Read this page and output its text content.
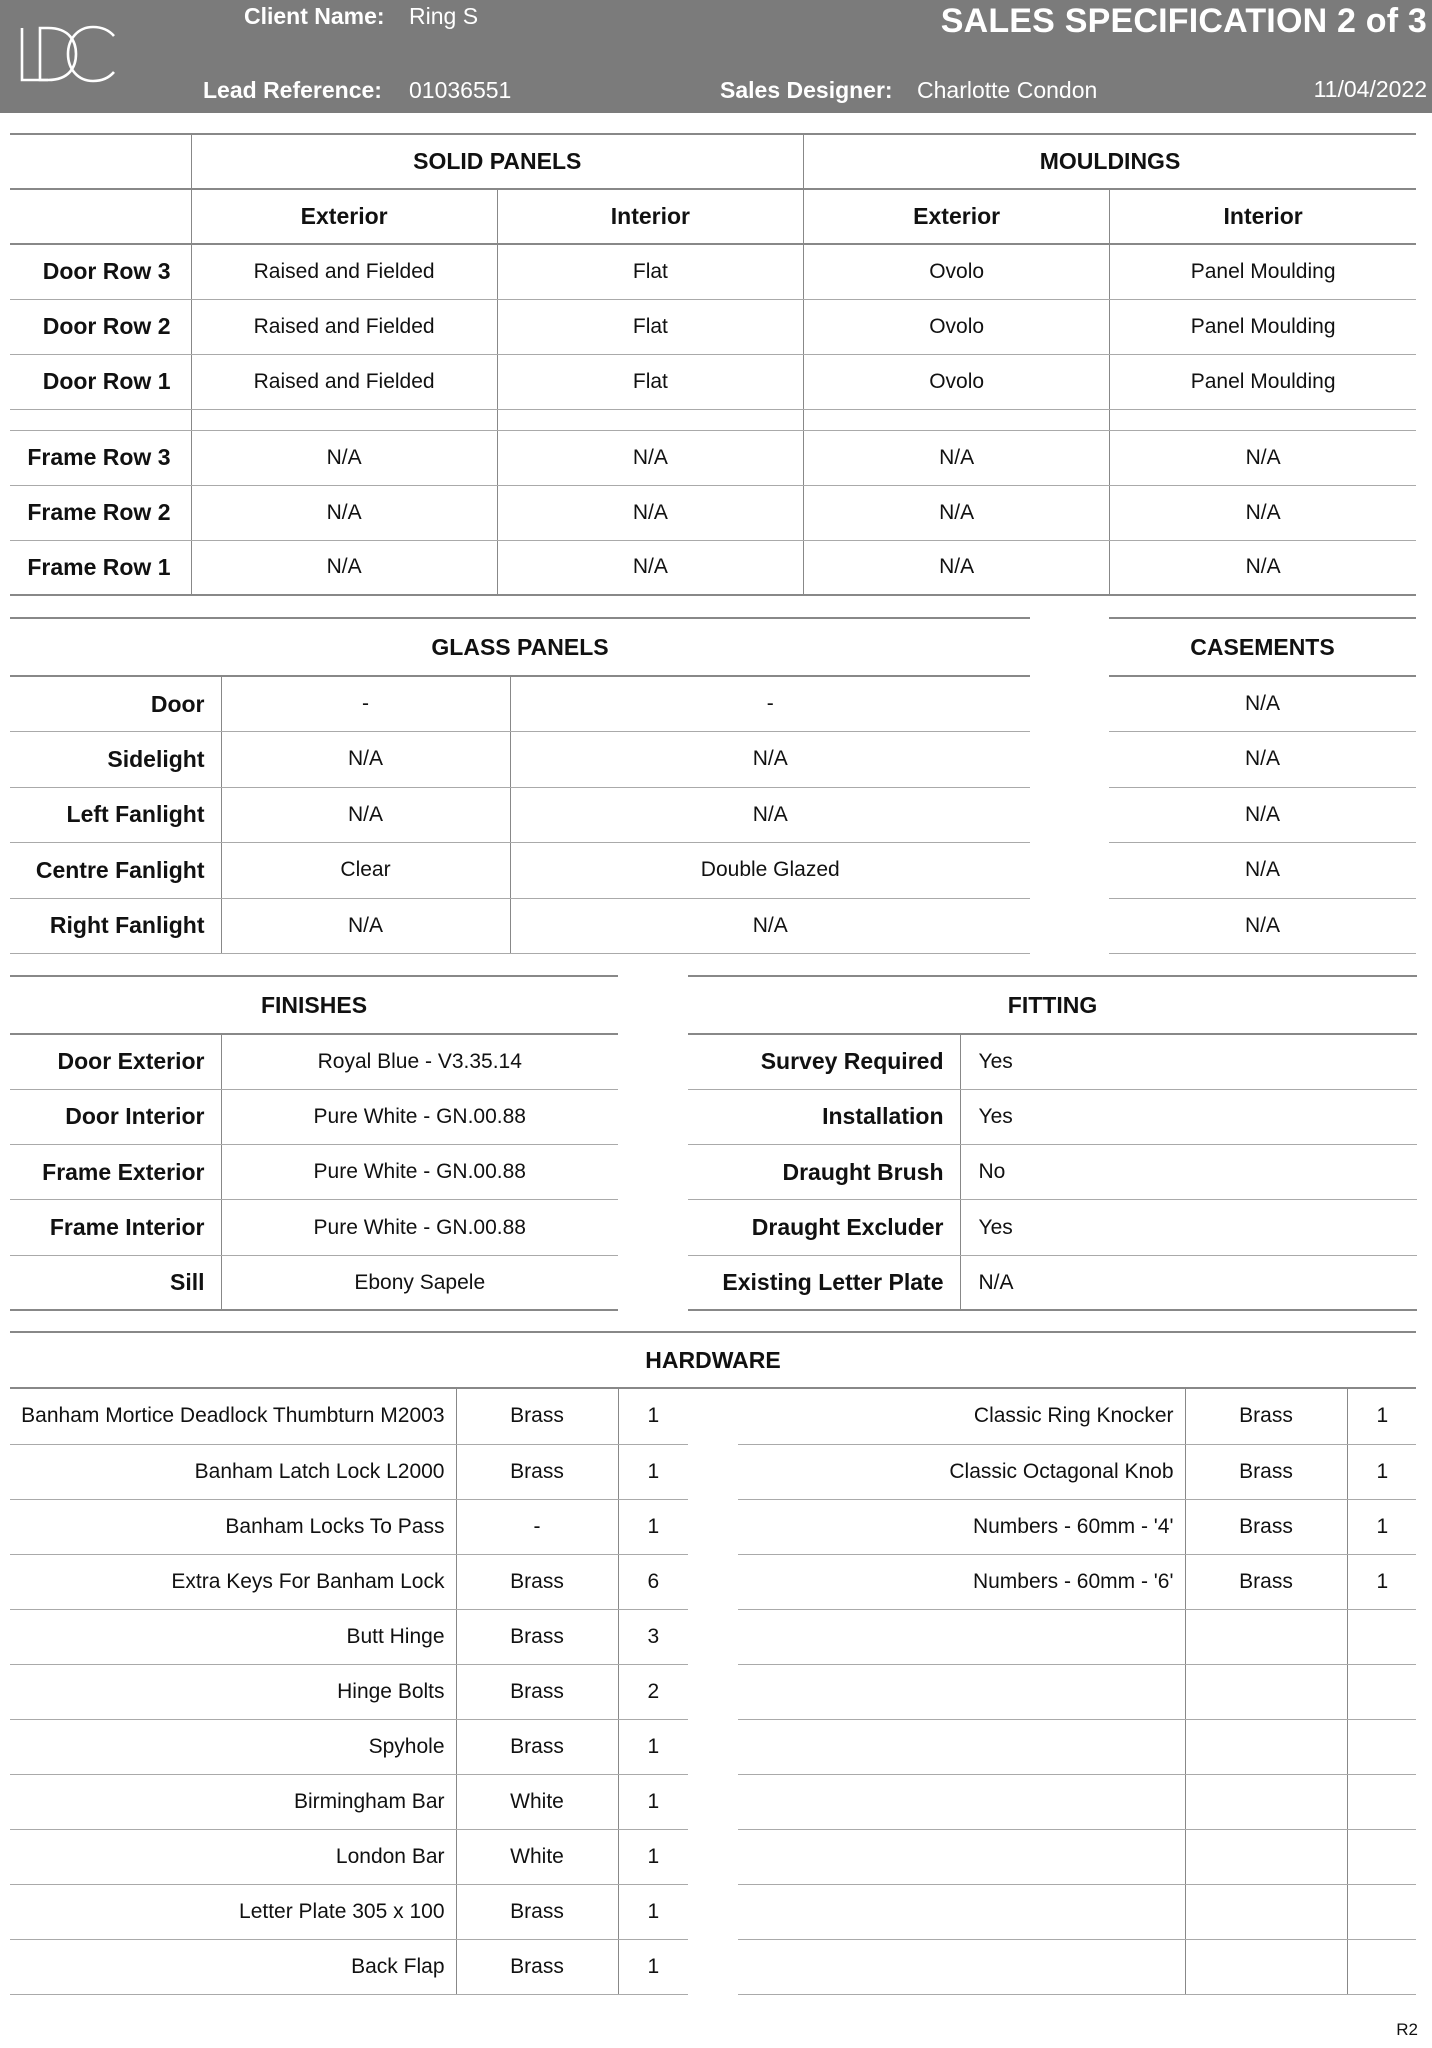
Client Name: Ring S	SALES SPECIFICATION 2 of 3
Lead Reference: 01036551	Sales Designer: Charlotte Condon	11/04/2022
	SOLID PANELS		MOULDINGS	
	Exterior	Interior	Exterior	Interior
Door Row 3	Raised and Fielded	Flat	Ovolo	Panel Moulding
Door Row 2	Raised and Fielded	Flat	Ovolo	Panel Moulding
Door Row 1	Raised and Fielded	Flat	Ovolo	Panel Moulding

Frame Row 3	N/A	N/A	N/A	N/A
Frame Row 2	N/A	N/A	N/A	N/A
Frame Row 1	N/A	N/A	N/A	N/A
GLASS PANELS		
Door	-	-
Sidelight	N/A	N/A
Left Fanlight	N/A	N/A
Centre Fanlight	Clear	Double Glazed
Right Fanlight	N/A	N/A
CASEMENTS
N/A
N/A
N/A
N/A
N/A
FINISHES	
Door Exterior	Royal Blue - V3.35.14
Door Interior	Pure White - GN.00.88
Frame Exterior	Pure White - GN.00.88
Frame Interior	Pure White - GN.00.88
Sill	Ebony Sapele
FITTING	
Survey Required	Yes
Installation	Yes
Draught Brush	No
Draught Excluder	Yes
Existing Letter Plate	N/A
HARDWARE
Banham Mortice Deadlock Thumbturn M2003	Brass	1
Banham Latch Lock L2000	Brass	1
Banham Locks To Pass	-	1
Extra Keys For Banham Lock	Brass	6
Butt Hinge	Brass	3
Hinge Bolts	Brass	2
Spyhole	Brass	1
Birmingham Bar	White	1
London Bar	White	1
Letter Plate 305 x 100	Brass	1
Back Flap	Brass	1
Classic Ring Knocker	Brass	1
Classic Octagonal Knob	Brass	1
Numbers - 60mm - '4'	Brass	1
Numbers - 60mm - '6'	Brass	1

R2
